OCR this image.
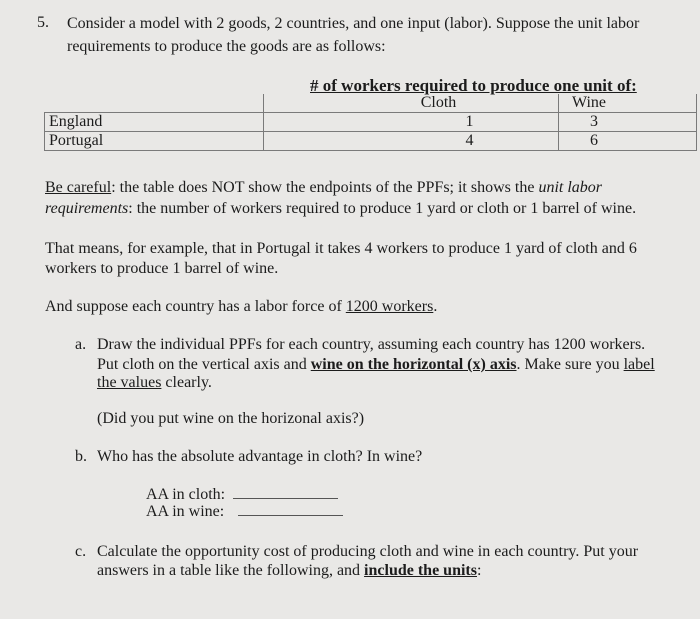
5. Consider a model with 2 goods, 2 countries, and one input (labor). Suppose the unit labor
requirements to produce the goods are as follows:
# of workers required to produce one unit of:
	Cloth	Wine
England	1	3
Portugal	4	6
Be careful: the table does NOT show the endpoints of the PPFs; it shows the unit labor
requirements: the number of workers required to produce 1 yard or cloth or 1 barrel of wine.
That means, for example, that in Portugal it takes 4 workers to produce 1 yard of cloth and 6
workers to produce 1 barrel of wine.
And suppose each country has a labor force of 1200 workers.
a. Draw the individual PPFs for each country, assuming each country has 1200 workers.
Put cloth on the vertical axis and wine on the horizontal (x) axis. Make sure you label
the values clearly.
(Did you put wine on the horizonal axis?)
b. Who has the absolute advantage in cloth? In wine?
AA in cloth:
AA in wine:
c. Calculate the opportunity cost of producing cloth and wine in each country. Put your
answers in a table like the following, and include the units:
